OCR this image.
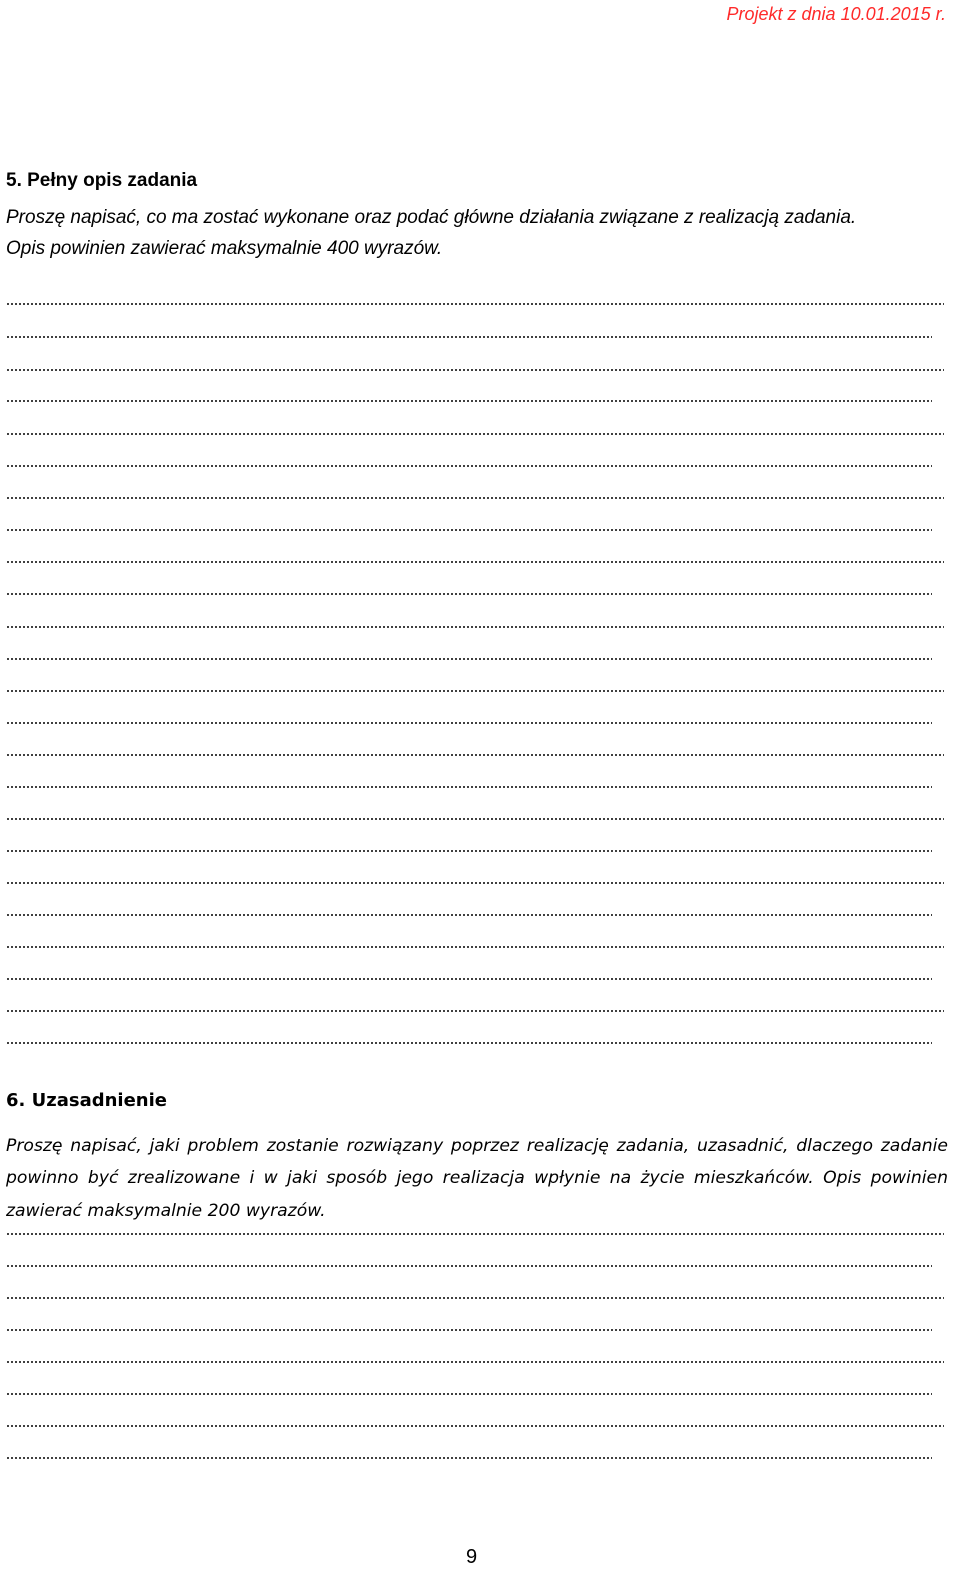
Projekt z dnia 10.01.2015 r.
5. Pełny opis zadania
Proszę napisać, co ma zostać wykonane oraz podać główne działania związane z realizacją zadania.
Opis powinien zawierać maksymalnie 400 wyrazów.
6. Uzasadnienie
Proszę napisać, jaki problem zostanie rozwiązany poprzez realizację zadania, uzasadnić, dlaczego zadanie powinno być zrealizowane i w jaki sposób jego realizacja wpłynie na życie mieszkańców. Opis powinien zawierać maksymalnie 200 wyrazów.
9
